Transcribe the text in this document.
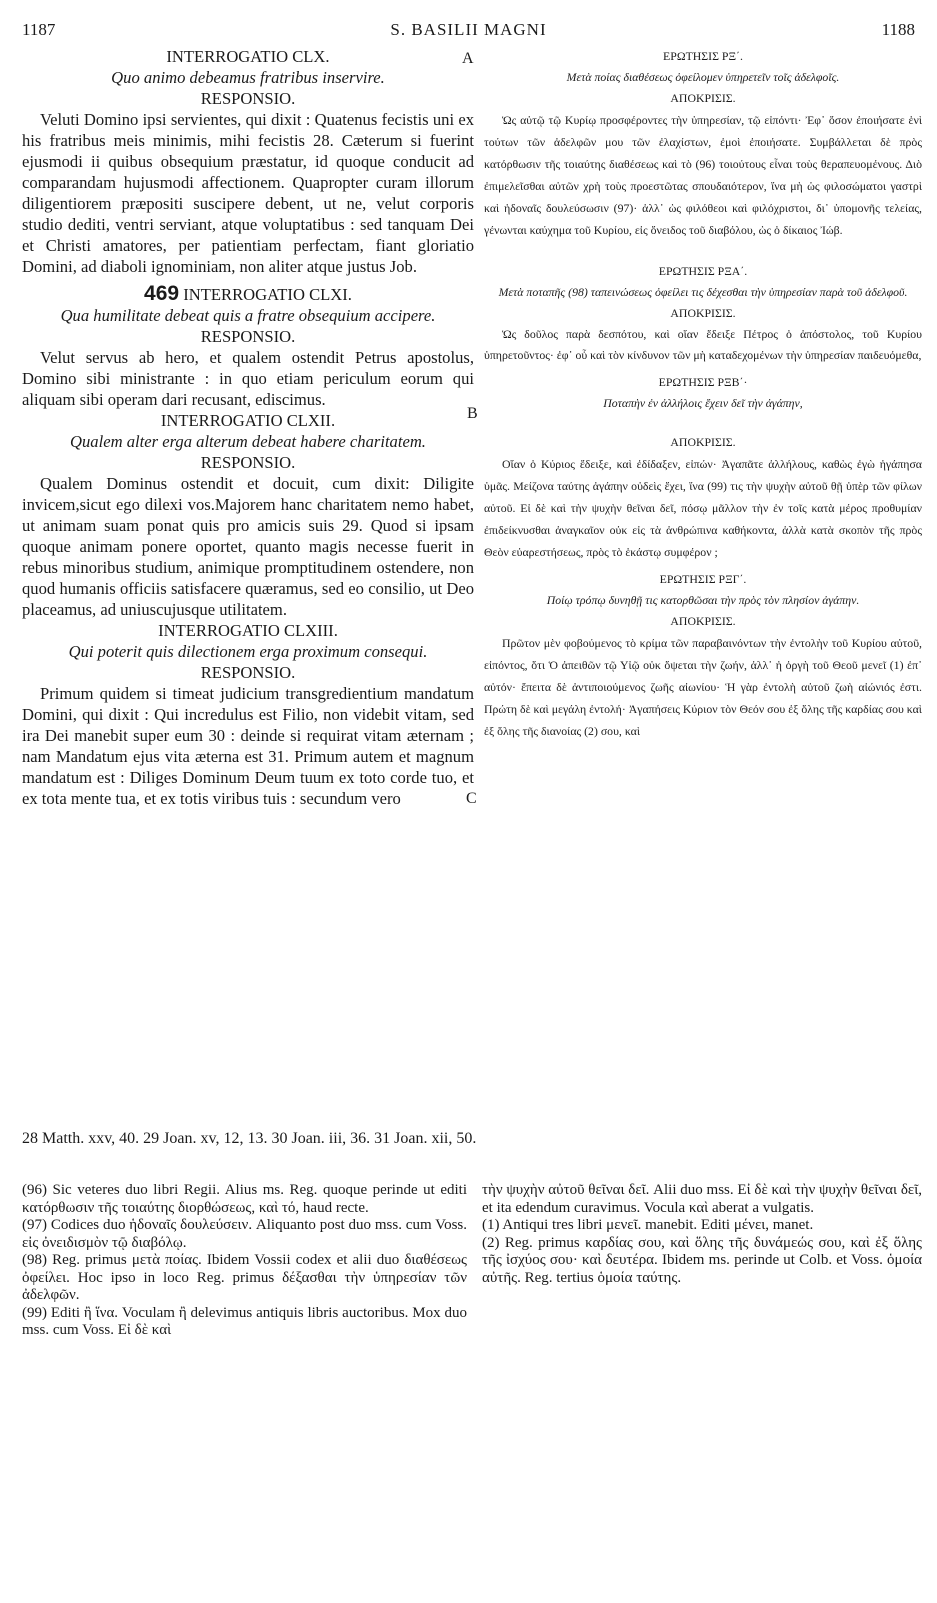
1187	S. BASILII MAGNI	1188
A
B
C
INTERROGATIO CLX.
Quo animo debeamus fratribus inservire.
RESPONSIO.

Veluti Domino ipsi servientes, qui dixit : Quatenus fecistis uni ex his fratribus meis minimis, mihi fecistis 28. Cæterum si fuerint ejusmodi ii quibus obsequium præstatur, id quoque conducit ad comparandam hujusmodi affectionem. Quapropter curam illorum diligentiorem præpositi suscipere debent, ut ne, velut corporis studio dediti, ventri serviant, atque voluptatibus : sed tanquam Dei et Christi amatores, per patientiam perfectam, fiant gloriatio Domini, ad diaboli ignominiam, non aliter atque justus Job.

469 INTERROGATIO CLXI.
Qua humilitate debeat quis a fratre obsequium accipere.
RESPONSIO.

Velut servus ab hero, et qualem ostendit Petrus apostolus, Domino sibi ministrante : in quo etiam periculum eorum qui aliquam sibi operam dari recusant, ediscimus.

INTERROGATIO CLXII.
Qualem alter erga alterum debeat habere charitatem.
RESPONSIO.

Qualem Dominus ostendit et docuit, cum dixit: Diligite invicem,sicut ego dilexi vos.Majorem hanc charitatem nemo habet, ut animam suam ponat quis pro amicis suis 29. Quod si ipsam quoque animam ponere oportet, quanto magis necesse fuerit in rebus minoribus studium, animique promptitudinem ostendere, non quod humanis officiis satisfacere quæramus, sed eo consilio, ut Deo placeamus, ad uniuscujusque utilitatem.

INTERROGATIO CLXIII.
Qui poterit quis dilectionem erga proximum consequi.
RESPONSIO.

Primum quidem si timeat judicium transgredientium mandatum Domini, qui dixit : Qui incredulus est Filio, non videbit vitam, sed ira Dei manebit super eum 30 : deinde si requirat vitam æternam ; nam Mandatum ejus vita æterna est 31. Primum autem et magnum mandatum est : Diliges Dominum Deum tuum ex toto corde tuo, et ex tota mente tua, et ex totis viribus tuis : secundum vero

ΕΡΩΤΗΣΙΣ ΡΞ΄.
Μετὰ ποίας διαθέσεως ὀφείλομεν ὑπηρετεῖν τοῖς ἀδελφοῖς.
ΑΠΟΚΡΙΣΙΣ.

Ὡς αὐτῷ τῷ Κυρίῳ προσφέροντες τὴν ὑπηρεσίαν, τῷ εἰπόντι· Ἐφ᾽ ὅσον ἐποιήσατε ἑνὶ τούτων τῶν ἀδελφῶν μου τῶν ἐλαχίστων, ἐμοὶ ἐποιήσατε. Συμβάλλεται δὲ πρὸς κατόρθωσιν τῆς τοιαύτης διαθέσεως καὶ τὸ (96) τοιούτους εἶναι τοὺς θεραπευομένους. Διὸ ἐπιμελεῖσθαι αὐτῶν χρὴ τοὺς προεστῶτας σπουδαιότερον, ἵνα μὴ ὡς φιλοσώματοι γαστρὶ καὶ ἡδοναῖς δουλεύσωσιν (97)· ἀλλ᾽ ὡς φιλόθεοι καὶ φιλόχριστοι, δι᾽ ὑπομονῆς τελείας, γένωνται καύχημα τοῦ Κυρίου, εἰς ὄνειδος τοῦ διαβόλου, ὡς ὁ δίκαιος Ἰώβ.

ΕΡΩΤΗΣΙΣ ΡΞΑ΄.
Μετὰ ποταπῆς (98) ταπεινώσεως ὀφείλει τις δέχεσθαι τὴν ὑπηρεσίαν παρὰ τοῦ ἀδελφοῦ.
ΑΠΟΚΡΙΣΙΣ.

Ὡς δοῦλος παρὰ δεσπότου, καὶ οἵαν ἔδειξε Πέτρος ὁ ἀπόστολος, τοῦ Κυρίου ὑπηρετοῦντος· ἐφ᾽ οὗ καὶ τὸν κίνδυνον τῶν μὴ καταδεχομένων τὴν ὑπηρεσίαν παιδευόμεθα,

ΕΡΩΤΗΣΙΣ ΡΞΒ΄·
Ποταπὴν ἐν ἀλλήλοις ἔχειν δεῖ τὴν ἀγάπην,
ΑΠΟΚΡΙΣΙΣ.

Οἵαν ὁ Κύριος ἔδειξε, καὶ ἐδίδαξεν, εἰπών· Ἀγαπᾶτε ἀλλήλους, καθὼς ἐγὼ ἠγάπησα ὑμᾶς. Μείζονα ταύτης ἀγάπην οὐδεὶς ἔχει, ἵνα (99) τις τὴν ψυχὴν αὐτοῦ θῇ ὑπὲρ τῶν φίλων αὐτοῦ. Εἰ δὲ καὶ τὴν ψυχὴν θεῖναι δεῖ, πόσῳ μᾶλλον τὴν ἐν τοῖς κατὰ μέρος προθυμίαν ἐπιδείκνυσθαι ἀναγκαῖον οὐκ εἰς τὰ ἀνθρώπινα καθήκοντα, ἀλλὰ κατὰ σκοπὸν τῆς πρὸς Θεὸν εὐαρεστήσεως, πρὸς τὸ ἑκάστῳ συμφέρον ;

ΕΡΩΤΗΣΙΣ ΡΞΓ΄.
Ποίῳ τρόπῳ δυνηθῇ τις κατορθῶσαι τὴν πρὸς τὸν πλησίον ἀγάπην.
ΑΠΟΚΡΙΣΙΣ.

Πρῶτον μὲν φοβούμενος τὸ κρίμα τῶν παραβαινόντων τὴν ἐντολὴν τοῦ Κυρίου αὐτοῦ, εἰπόντος, ὅτι Ὁ ἀπειθῶν τῷ Υἱῷ οὐκ ὄψεται τὴν ζωήν, ἀλλ᾽ ἡ ὀργὴ τοῦ Θεοῦ μενεῖ (1) ἐπ᾽ αὐτόν· ἔπειτα δὲ ἀντιποιούμενος ζωῆς αἰωνίου· Ἡ γὰρ ἐντολὴ αὐτοῦ ζωὴ αἰώνιός ἐστι. Πρώτη δὲ καὶ μεγάλη ἐντολή· Ἀγαπήσεις Κύριον τὸν Θεόν σου ἐξ ὅλης τῆς καρδίας σου καὶ ἐξ ὅλης τῆς διανοίας (2) σου, καὶ

28 Matth. xxv, 40. 29 Joan. xv, 12, 13. 30 Joan. iii, 36. 31 Joan. xii, 50.

(96) Sic veteres duo libri Regii. Alius ms. Reg. quoque perinde ut editi κατόρθωσιν τῆς τοιαύτης διορθώσεως, καὶ τό, haud recte.

(97) Codices duo ἡδοναῖς δουλεύσειν. Aliquanto post duo mss. cum Voss. εἰς ὀνειδισμὸν τῷ διαβόλῳ.

(98) Reg. primus μετὰ ποίας. Ibidem Vossii codex et alii duo διαθέσεως ὀφείλει. Hoc ipso in loco Reg. primus δέξασθαι τὴν ὑπηρεσίαν τῶν ἀδελφῶν.

(99) Editi ἢ ἵνα. Voculam ἢ delevimus antiquis libris auctoribus. Mox duo mss. cum Voss. Εἰ δὲ καὶ

τὴν ψυχὴν αὐτοῦ θεῖναι δεῖ. Alii duo mss. Εἰ δὲ καὶ τὴν ψυχὴν θεῖναι δεῖ, et ita edendum curavimus. Vocula καὶ aberat a vulgatis.

(1) Antiqui tres libri μενεῖ. manebit. Editi μένει, manet.

(2) Reg. primus καρδίας σου, καὶ ὅλης τῆς δυνάμεώς σου, καὶ ἐξ ὅλης τῆς ἰσχύος σου· καὶ δευτέρα. Ibidem ms. perinde ut Colb. et Voss. ὁμοία αὐτῆς. Reg. tertius ὁμοία ταύτης.
